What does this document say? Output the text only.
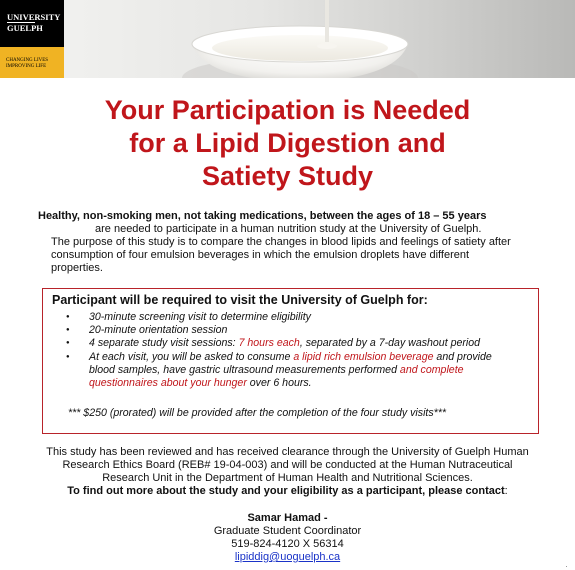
UNIVERSITY
GUELPH
CHANGING LIVES
IMPROVING LIFE
Your Participation is Needed
for a Lipid Digestion and
Satiety Study
Healthy, non-smoking men, not taking medications, between the ages of 18 – 55 years
are needed to participate in a human nutrition study at the University of Guelph.
The purpose of this study is to compare the changes in blood lipids and feelings of satiety after
consumption of four emulsion beverages in which the emulsion droplets have different
properties.
Participant will be required to visit the University of Guelph for:
● 30-minute screening visit to determine eligibility
● 20-minute orientation session
● 4 separate study visit sessions: 7 hours each, separated by a 7-day washout period
● At each visit, you will be asked to consume a lipid rich emulsion beverage and provide
blood samples, have gastric ultrasound measurements performed and complete
questionnaires about your hunger over 6 hours.
*** $250 (prorated) will be provided after the completion of the four study visits***
This study has been reviewed and has received clearance through the University of Guelph Human
Research Ethics Board (REB# 19-04-003) and will be conducted at the Human Nutraceutical
Research Unit in the Department of Human Health and Nutritional Sciences.
To find out more about the study and your eligibility as a participant, please contact:
Samar Hamad -
Graduate Student Coordinator
519-824-4120 X 56314
lipiddig@uoguelph.ca
